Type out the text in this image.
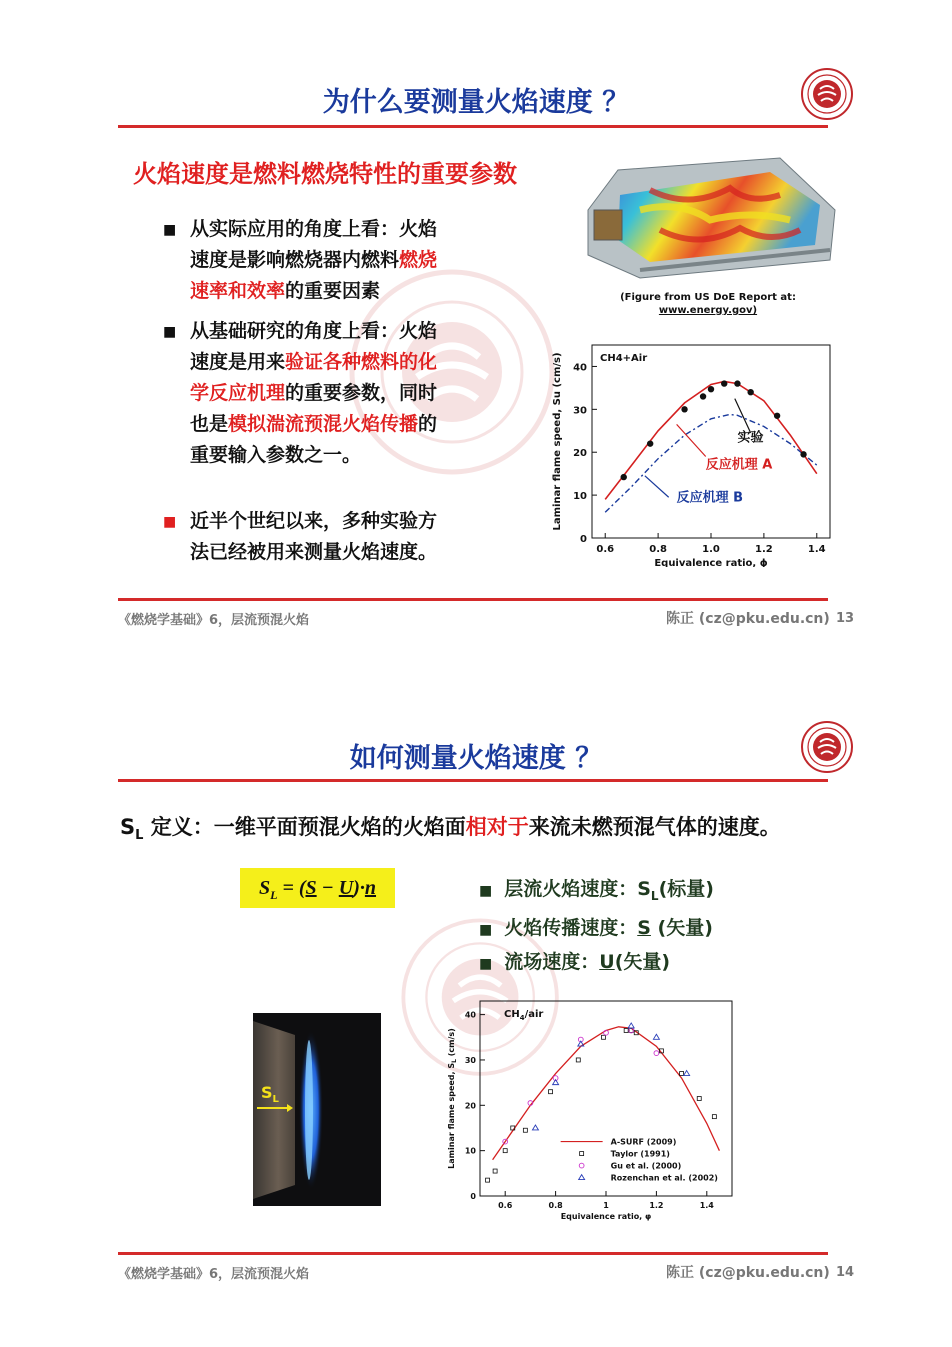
为什么要测量火焰速度 ？
火焰速度是燃料燃烧特性的重要参数
■ 从实际应用的角度上看：火焰
速度是影响燃烧器内燃料燃烧
速率和效率的重要因素
■ 从基础研究的角度上看：火焰
速度是用来验证各种燃料的化
学反应机理的重要参数，同时
也是模拟湍流预混火焰传播的
重要输入参数之一。
■ 近半个世纪以来，多种实验方
法已经被用来测量火焰速度。
(Figure from US DoE Report at:
www.energy.gov)
0.6	0.8	1.0	1.2	1.4
0
10
20
30
40
Equivalence ratio, ϕ
Laminar flame speed, Su (cm/s)	CH4+Air
实验
反应机理 A
反应机理 B
《燃烧学基础》6，层流预混火焰	陈正 (cz@pku.edu.cn) 13
如何测量火焰速度 ？
$S_L$ 定义：一维平面预混火焰的火焰面相对于来流未燃预混气体的速度。
$S_L = (S - U)\cdot n$	■ 层流火焰速度：$S_L$(标量)
■ 火焰传播速度：S (矢量)
■ 流场速度：U(矢量)
$S_L$
0.6	0.8	1	1.2	1.4
0
10
20
30
40
Equivalence ratio, φ
Laminar flame speed, $S_L$ (cm/s)
$CH_4$/air
A-SURF (2009)
Taylor (1991)
Gu et al. (2000)
Rozenchan et al. (2002)
《燃烧学基础》6，层流预混火焰	陈正 (cz@pku.edu.cn) 14
